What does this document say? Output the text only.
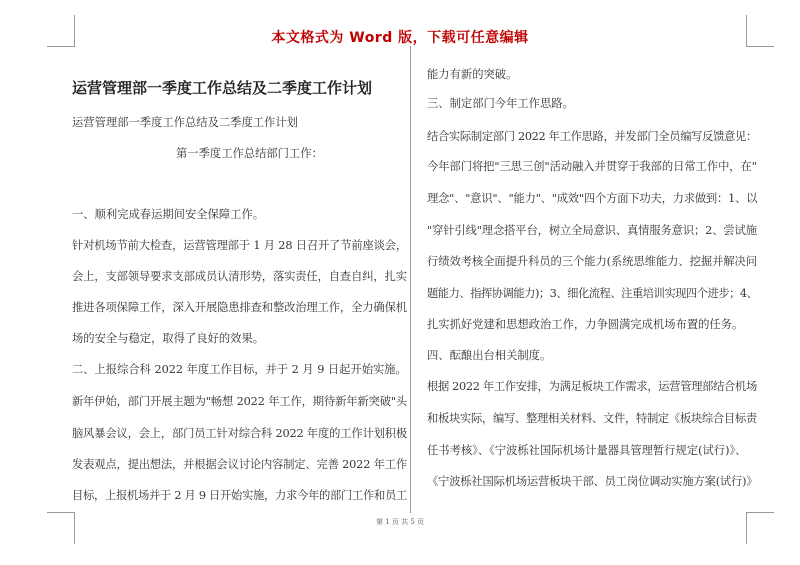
本文格式为 Word 版，下载可任意编辑
运营管理部一季度工作总结及二季度工作计划

运营管理部一季度工作总结及二季度工作计划

第一季度工作总结部门工作：

一、顺利完成春运期间安全保障工作。

针对机场节前大检查，运营管理部于 1 月 28 日召开了节前座谈会，

会上，支部领导要求支部成员认清形势，落实责任，自查自纠，扎实

推进各项保障工作，深入开展隐患排查和整改治理工作，全力确保机

场的安全与稳定，取得了良好的效果。

二、上报综合科 2022 年度工作目标，并于 2 月 9 日起开始实施。

新年伊始，部门开展主题为"畅想 2022 年工作，期待新年新突破"头

脑风暴会议，会上，部门员工针对综合科 2022 年度的工作计划积极

发表观点，提出想法，并根据会议讨论内容制定、完善 2022 年工作

目标，上报机场并于 2 月 9 日开始实施，力求今年的部门工作和员工

能力有新的突破。

三、制定部门今年工作思路。

结合实际制定部门 2022 年工作思路，并发部门全员编写反馈意见：

今年部门将把"三思三创"活动融入并贯穿于我部的日常工作中，在"

理念"、"意识"、"能力"、"成效"四个方面下功夫，力求做到：1、以

"穿针引线"理念搭平台，树立全局意识、真情服务意识；2、尝试施

行绩效考核全面提升科员的三个能力(系统思维能力、挖掘并解决问

题能力、指挥协调能力)；3、细化流程、注重培训实现四个进步；4、

扎实抓好党建和思想政治工作，力争圆满完成机场布置的任务。

四、酝酿出台相关制度。

根据 2022 年工作安排，为满足板块工作需求，运营管理部结合机场

和板块实际，编写、整理相关材料、文件，特制定《板块综合目标责

任书考核》、《宁波栎社国际机场计量器具管理暂行规定(试行)》、

《宁波栎社国际机场运营板块干部、员工岗位调动实施方案(试行)》

第 1 页 共 5 页
